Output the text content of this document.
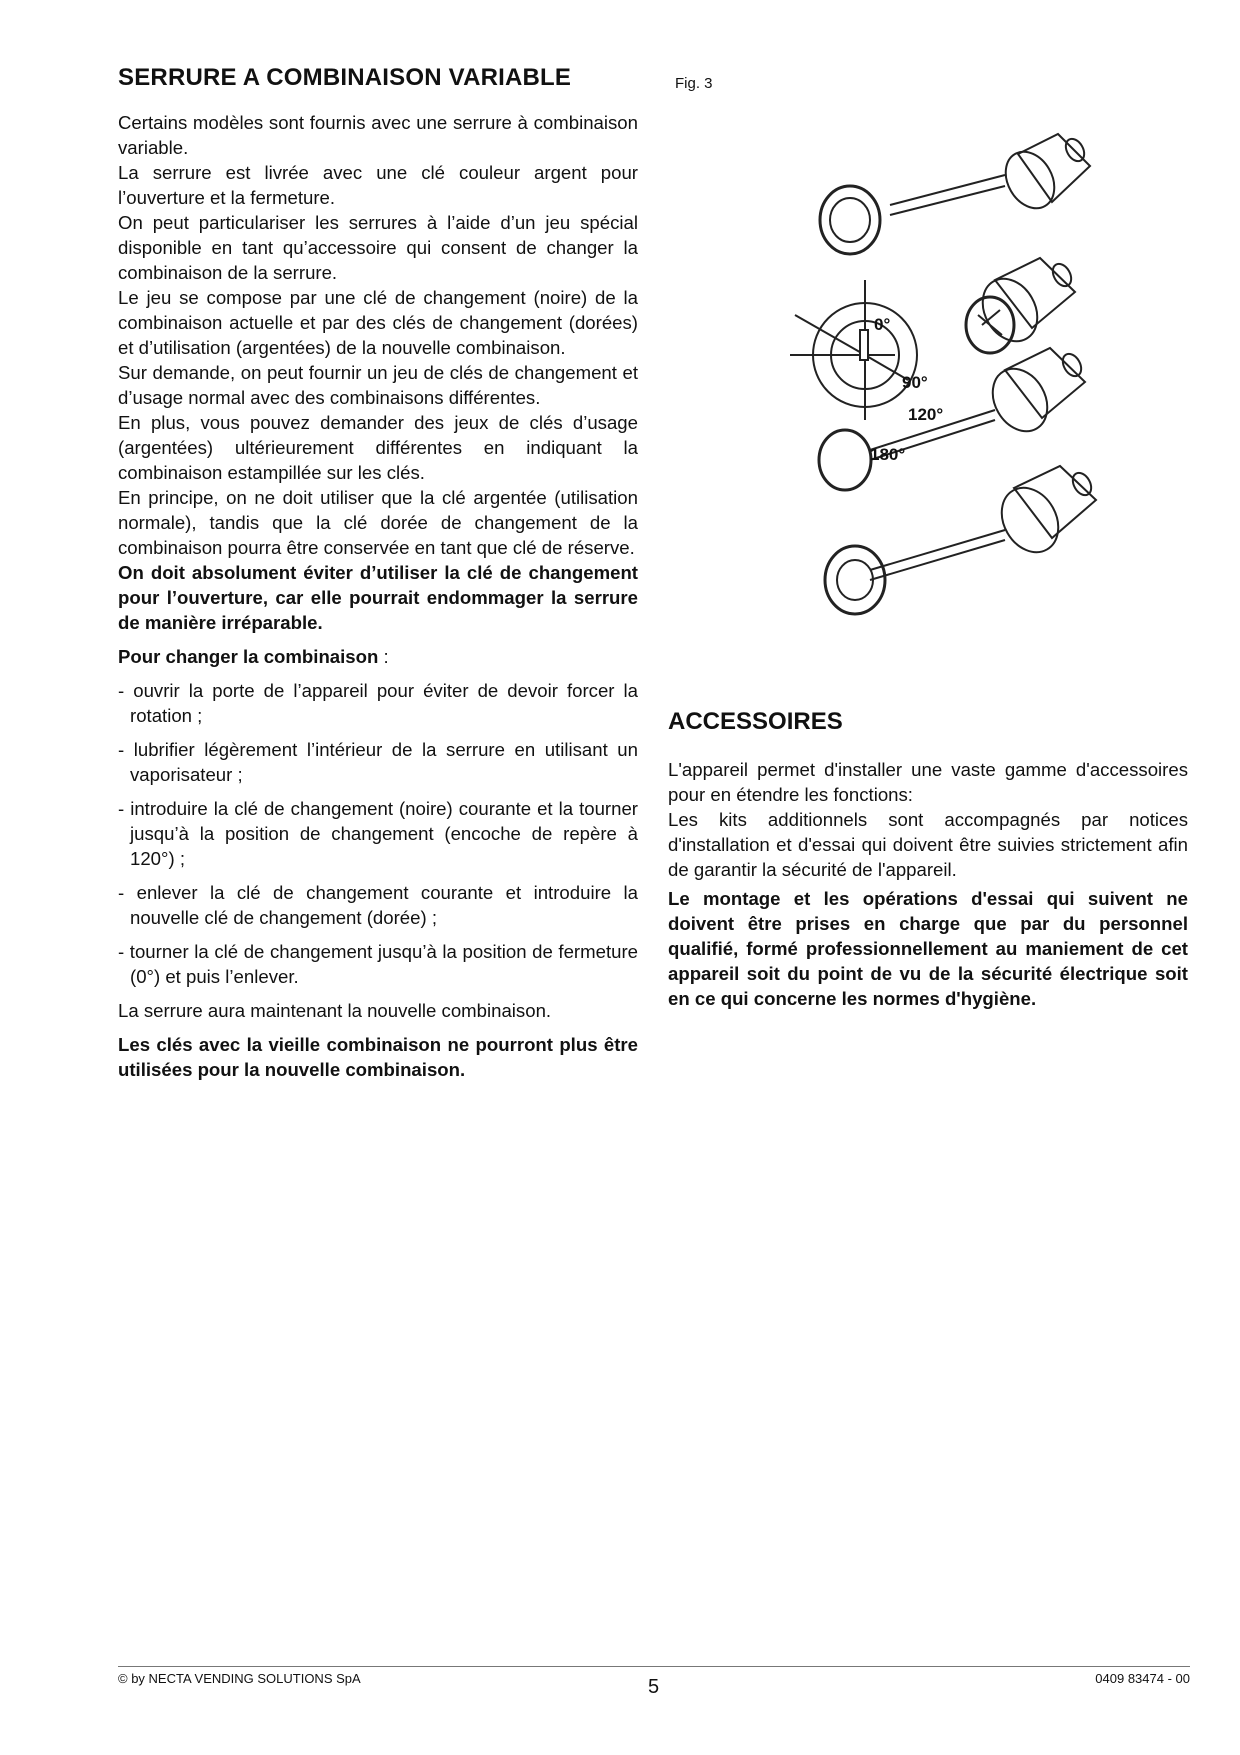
SERRURE A COMBINAISON VARIABLE

Certains modèles sont fournis avec une serrure à combinaison variable.

La serrure est livrée avec une clé couleur argent pour l’ouverture et la fermeture.

On peut particulariser les serrures à l’aide d’un jeu spécial disponible en tant qu’accessoire qui consent de changer la combinaison de la serrure.

Le jeu se compose par une clé de changement (noire) de la combinaison actuelle et par des clés de changement (dorées) et d’utilisation (argentées) de la nouvelle combinaison.

Sur demande, on peut fournir un jeu de clés de changement et d’usage normal avec des combinaisons différentes.

En plus, vous pouvez demander des jeux de clés d’usage (argentées) ultérieurement différentes en indiquant la combinaison estampillée sur les clés.

En principe, on ne doit utiliser que la clé argentée (utilisation normale), tandis que la clé dorée de changement de la combinaison pourra être conservée en tant que clé de réserve.

On doit absolument éviter d’utiliser la clé de changement pour l’ouverture, car elle pourrait endommager la serrure de manière irréparable.

Pour changer la combinaison :

- ouvrir la porte de l’appareil pour éviter de devoir forcer la rotation ;

- lubrifier légèrement l’intérieur de la serrure en utilisant un vaporisateur ;

- introduire la clé de changement (noire) courante et la tourner jusqu’à la position de changement (encoche de repère à 120°) ;

- enlever la clé de changement courante et introduire la nouvelle clé de changement (dorée) ;

- tourner la clé de changement jusqu’à la position de fermeture (0°) et puis l’enlever.

La serrure aura maintenant la nouvelle combinaison.

Les clés avec la vieille combinaison ne pourront plus être utilisées pour la nouvelle combinaison.

Fig. 3
0°
90°
120°
180°
ACCESSOIRES

L'appareil permet d'installer une vaste gamme d'accessoires pour en étendre les fonctions:

Les kits additionnels sont accompagnés par notices d'installation et d'essai qui doivent être suivies strictement afin de garantir la sécurité de l'appareil.

Le montage et les opérations d'essai qui suivent ne doivent être prises en charge que par du personnel qualifié, formé professionnellement au maniement de cet appareil soit du point de vu de la sécurité électrique soit en ce qui concerne les normes d'hygiène.

© by NECTA VENDING SOLUTIONS SpA	5	0409 83474 - 00
